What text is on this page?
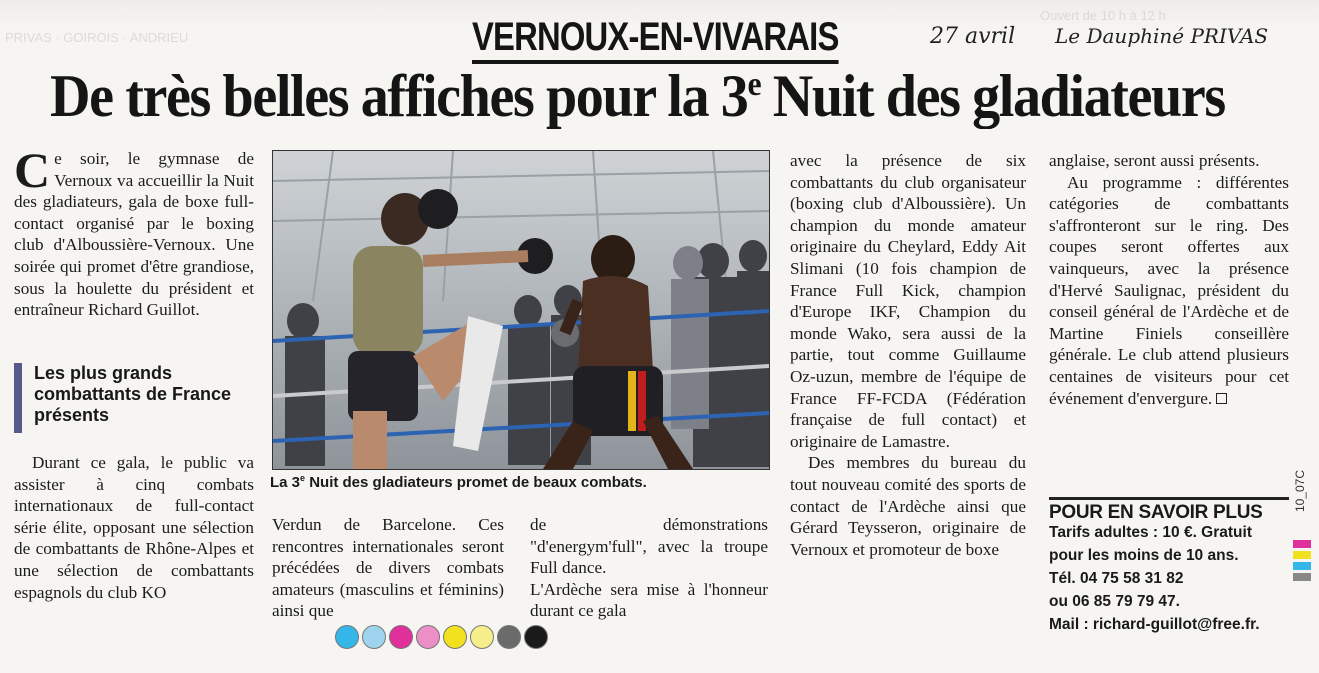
PRIVAS · GOIROIS · ANDRIEU
Ouvert de 10 h à 12 h
VERNOUX-EN-VIVARAIS	27 avril Le Dauphiné PRIVAS
De très belles affiches pour la 3e Nuit des gladiateurs
C e soir, le gymnase de Vernoux va accueillir la Nuit des gladiateurs, gala de boxe full-contact organisé par le boxing club d'Alboussière-Vernoux. Une soirée qui promet d'être grandiose, sous la houlette du président et entraîneur Richard Guillot.
Les plus grands combattants de France présents
Durant ce gala, le public va assister à cinq combats internationaux de full-contact série élite, opposant une sélection de combattants de Rhône-Alpes et une sélection de combattants espagnols du club KO
La 3e Nuit des gladiateurs promet de beaux combats.
Verdun de Barcelone. Ces rencontres internationales seront précédées de divers combats amateurs (masculins et féminins) ainsi que
de démonstrations "d'energym'full", avec la troupe Full dance.
L'Ardèche sera mise à l'honneur durant ce gala
avec la présence de six combattants du club organisateur (boxing club d'Alboussière). Un champion du monde amateur originaire du Cheylard, Eddy Ait Slimani (10 fois champion de France Full Kick, champion d'Europe IKF, Champion du monde Wako, sera aussi de la partie, tout comme Guillaume Oz-uzun, membre de l'équipe de France FF-FCDA (Fédération française de full contact) et originaire de Lamastre.
Des membres du bureau du tout nouveau comité des sports de contact de l'Ardèche ainsi que Gérard Teysseron, originaire de Vernoux et promoteur de boxe
anglaise, seront aussi présents.
Au programme : différentes catégories de combattants s'affronteront sur le ring. Des coupes seront offertes aux vainqueurs, avec la présence d'Hervé Saulignac, président du conseil général de l'Ardèche et de Martine Finiels conseillère générale. Le club attend plusieurs centaines de visiteurs pour cet événement d'envergure.
POUR EN SAVOIR PLUS
Tarifs adultes : 10 €. Gratuit pour les moins de 10 ans.
Tél. 04 75 58 31 82
ou 06 85 79 79 47.
Mail : richard-guillot@free.fr.
10_07C
